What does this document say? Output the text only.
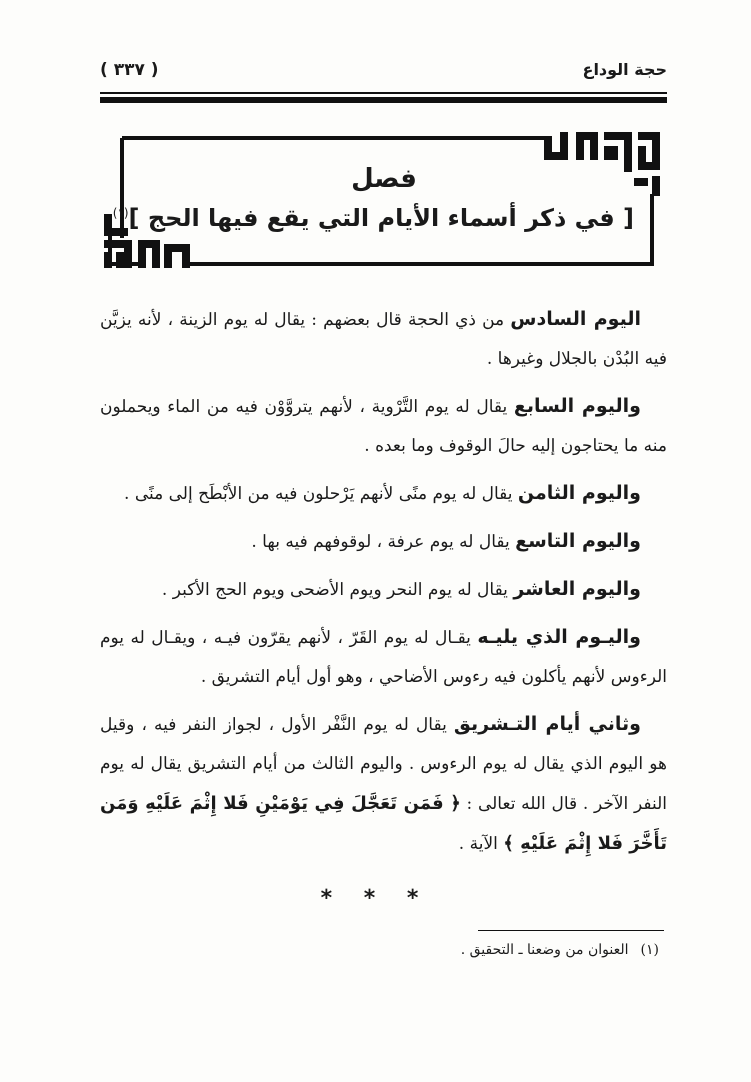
حجة الوداع
( ٣٣٧ )
فصل
[ في ذكر أسماء الأيام التي يقع فيها الحج ]$^{(١)}$

اليوم السادس من ذي الحجة قال بعضهم : يقال له يوم الزينة ، لأنه يزيَّن فيه البُدْن بالجلال وغيرها .

واليوم السابع يقال له يوم التَّرْوية ، لأنهم يتروَّوْن فيه من الماء ويحملون منه ما يحتاجون إليه حالَ الوقوف وما بعده .

واليوم الثامن يقال له يوم منًى لأنهم يَرْحلون فيه من الأبْطَح إلى منًى .

واليوم التاسع يقال له يوم عرفة ، لوقوفهم فيه بها .

واليوم العاشر يقال له يوم النحر ويوم الأضحى ويوم الحج الأكبر .

واليـوم الذي يليـه يقـال له يوم القَرّ ، لأنهم يقرّون فيـه ، ويقـال له يوم الرءوس لأنهم يأكلون فيه رءوس الأضاحي ، وهو أول أيام التشريق .

وثاني أيام التـشريق يقال له يوم النَّفْر الأول ، لجواز النفر فيه ، وقيل هو اليوم الذي يقال له يوم الرءوس . واليوم الثالث من أيام التشريق يقال له يوم النفر الآخر . قال الله تعالى : ﴿ فَمَن تَعَجَّلَ فِي يَوْمَيْنِ فَلا إِثْمَ عَلَيْهِ وَمَن تَأَخَّرَ فَلا إِثْمَ عَلَيْهِ ﴾ الآية .

* * *
(١)العنوان من وضعنا ـ التحقيق .
